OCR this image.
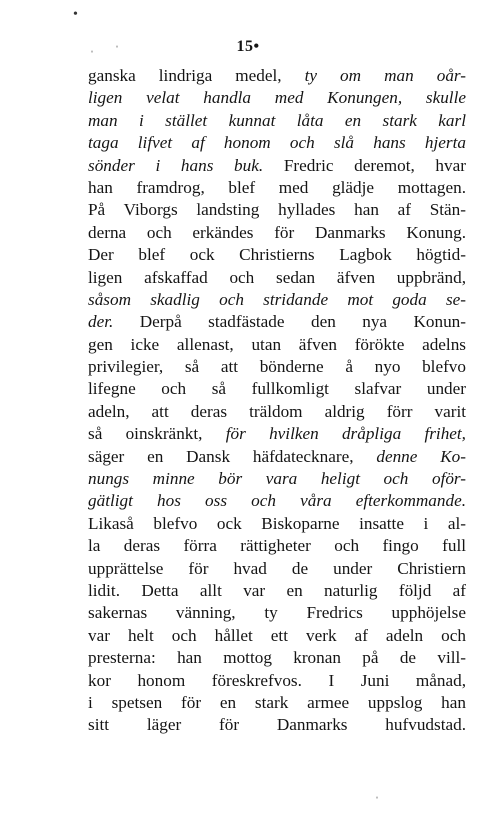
•
ˌ ˈ
ˈ
15•
ganska lindriga medel, ty om man oår-
ligen velat handla med Konungen, skulle
man i stället kunnat låta en stark karl
taga lifvet af honom och slå hans hjerta
sönder i hans buk. Fredric deremot, hvar
han framdrog, blef med glädje mottagen.
På Viborgs landsting hyllades han af Stän-
derna och erkändes för Danmarks Konung.
Der blef ock Christierns Lagbok högtid-
ligen afskaffad och sedan äfven uppbränd,
såsom skadlig och stridande mot goda se-
der. Derpå stadfästade den nya Konun-
gen icke allenast, utan äfven förökte adelns
privilegier, så att bönderne å nyo blefvo
lifegne och så fullkomligt slafvar under
adeln, att deras träldom aldrig förr varit
så oinskränkt, för hvilken dråpliga frihet,
säger en Dansk häfdatecknare, denne Ko-
nungs minne bör vara heligt och oför-
gätligt hos oss och våra efterkommande.
Likaså blefvo ock Biskoparne insatte i al-
la deras förra rättigheter och fingo full
upprättelse för hvad de under Christiern
lidit. Detta allt var en naturlig följd af
sakernas vänning, ty Fredrics upphöjelse
var helt och hållet ett verk af adeln och
presterna: han mottog kronan på de vill-
kor honom föreskrefvos. I Juni månad,
i spetsen för en stark armee uppslog han
sitt läger för Danmarks hufvudstad.
